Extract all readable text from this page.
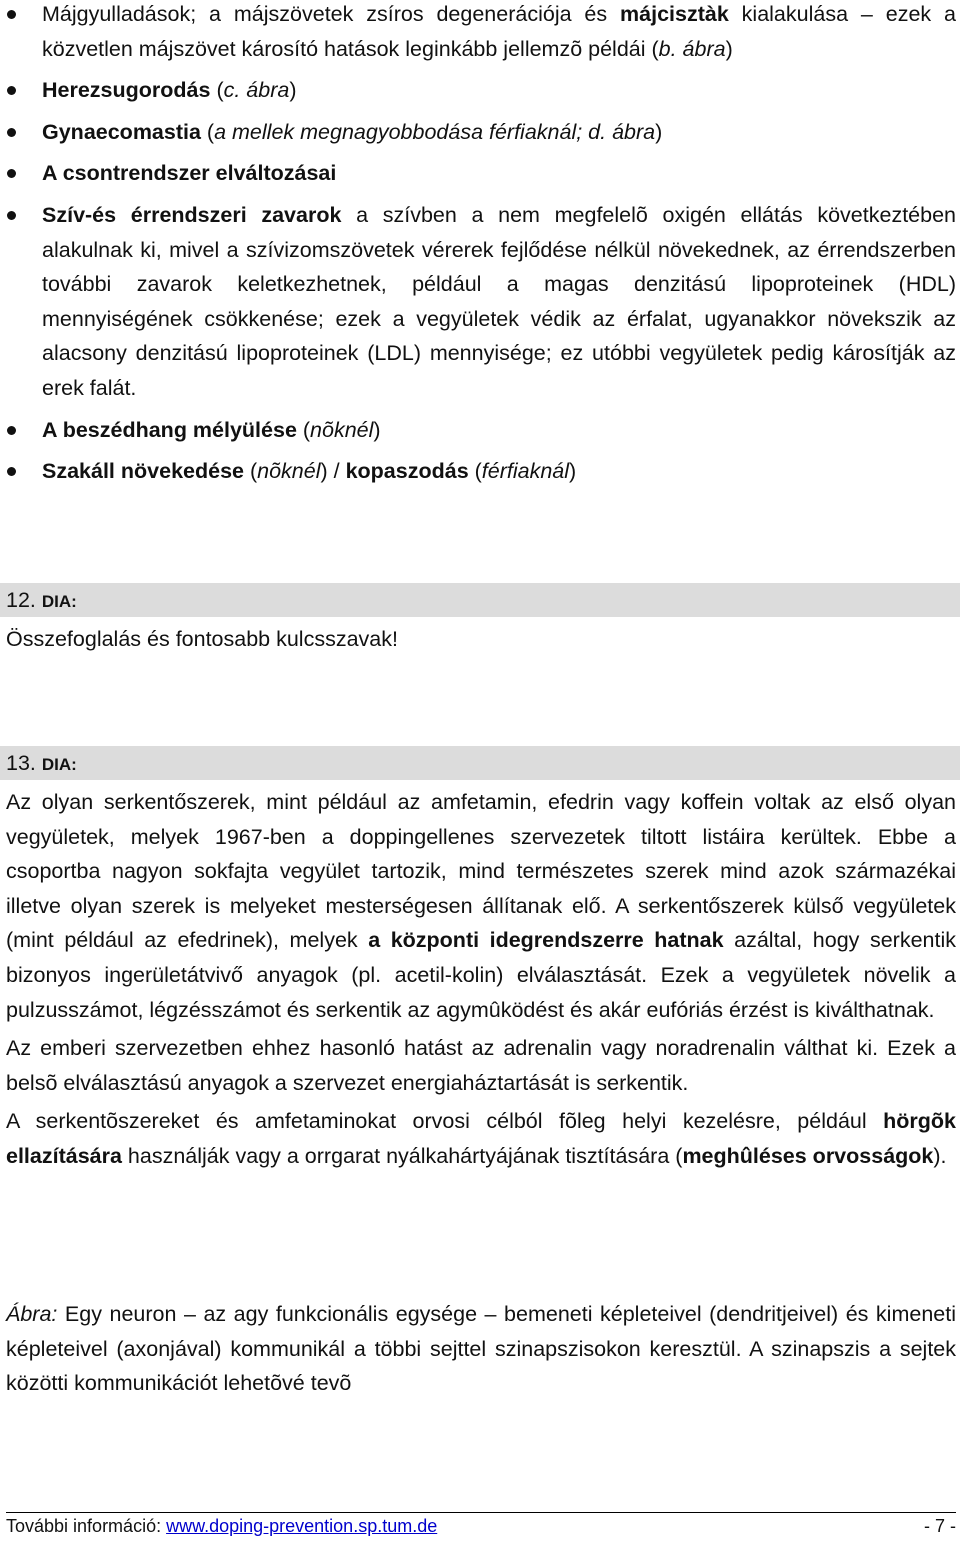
Májgyulladások; a májszövetek zsíros degenerációja és májcisztàk kialakulása – ezek a közvetlen májszövet károsító hatások leginkább jellemzõ példái (b. ábra)
Herezsugorodás (c. ábra)
Gynaecomastia (a mellek megnagyobbodása férfiaknál; d. ábra)
A csontrendszer elváltozásai
Szív-és érrendszeri zavarok a szívben a nem megfelelõ oxigén ellátás következtében alakulnak ki, mivel a szívizomszövetek vérerek fejlődése nélkül növekednek, az érrendszerben további zavarok keletkezhetnek, például a magas denzitású lipoproteinek (HDL) mennyiségének csökkenése; ezek a vegyületek védik az érfalat, ugyanakkor növekszik az alacsony denzitású lipoproteinek (LDL) mennyisége; ez utóbbi vegyületek pedig károsítják az erek falát.
A beszédhang mélyülése (nõknél)
Szakáll növekedése (nõknél) / kopaszodás (férfiaknál)
12. DIA:
Összefoglalás és fontosabb kulcsszavak!
13. DIA:

Az olyan serkentőszerek, mint például az amfetamin, efedrin vagy koffein voltak az első olyan vegyületek, melyek 1967-ben a doppingellenes szervezetek tiltott listáira kerültek. Ebbe a csoportba nagyon sokfajta vegyület tartozik, mind természetes szerek mind azok származékai illetve olyan szerek is melyeket mesterségesen állítanak elő. A serkentőszerek külső vegyületek (mint például az efedrinek), melyek a központi idegrendszerre hatnak azáltal, hogy serkentik bizonyos ingerületátvivő anyagok (pl. acetil-kolin) elválasztását. Ezek a vegyületek növelik a pulzusszámot, légzésszámot és serkentik az agymûködést és akár eufóriás érzést is kiválthatnak.

Az emberi szervezetben ehhez hasonló hatást az adrenalin vagy noradrenalin válthat ki. Ezek a belsõ elválasztású anyagok a szervezet energiaháztartását is serkentik.

A serkentõszereket és amfetaminokat orvosi célból fõleg helyi kezelésre, például hörgõk ellazítására használják vagy a orrgarat nyálkahártyájának tisztítására (meghûléses orvosságok).

Ábra: Egy neuron – az agy funkcionális egysége – bemeneti képleteivel (dendritjeivel) és kimeneti képleteivel (axonjával) kommunikál a többi sejttel szinapszisokon keresztül. A szinapszis a sejtek közötti kommunikációt lehetõvé tevõ
További információ: www.doping-prevention.sp.tum.de	- 7 -
